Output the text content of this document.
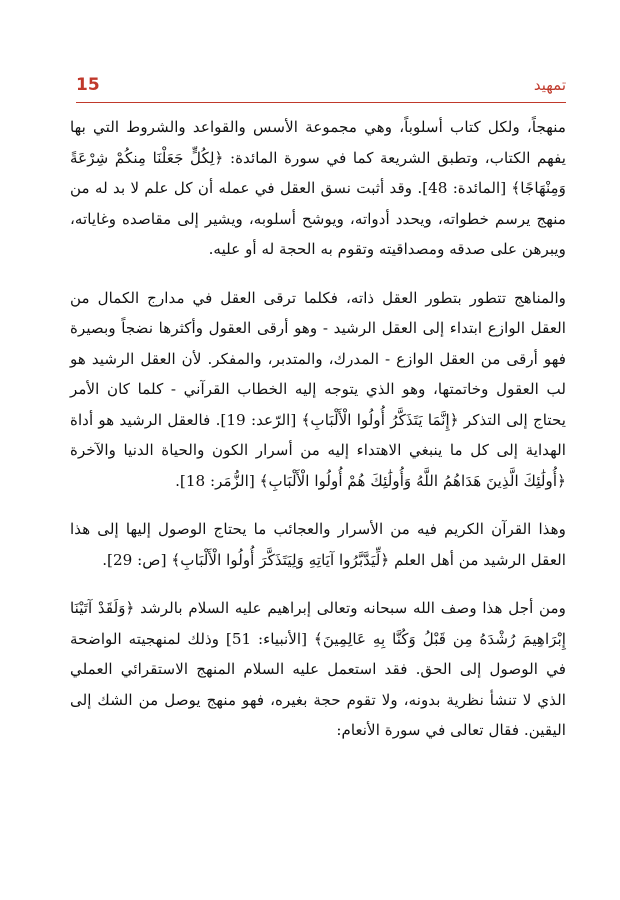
تمهيد
15

منهجاً، ولكل كتاب أسلوباً، وهي مجموعة الأسس والقواعد والشروط التي بها يفهم الكتاب، وتطبق الشريعة كما في سورة المائدة: ﴿لِكُلٍّ جَعَلْنَا مِنكُمْ شِرْعَةً وَمِنْهَاجًا﴾ [المائدة: 48]. وقد أثبت نسق العقل في عمله أن كل علم لا بد له من منهج يرسم خطواته، ويحدد أدواته، ويوشح أسلوبه، ويشير إلى مقاصده وغاياته، ويبرهن على صدقه ومصداقيته وتقوم به الحجة له أو عليه.

والمناهج تتطور بتطور العقل ذاته، فكلما ترقى العقل في مدارج الكمال من العقل الوازع ابتداء إلى العقل الرشيد - وهو أرقى العقول وأكثرها نضجاً وبصيرة فهو أرقى من العقل الوازع - المدرك، والمتدبر، والمفكر. لأن العقل الرشيد هو لب العقول وخاتمتها، وهو الذي يتوجه إليه الخطاب القرآني - كلما كان الأمر يحتاج إلى التذكر ﴿إِنَّمَا يَتَذَكَّرُ أُولُوا الْأَلْبَابِ﴾ [الرّعد: 19]. فالعقل الرشيد هو أداة الهداية إلى كل ما ينبغي الاهتداء إليه من أسرار الكون والحياة الدنيا والآخرة ﴿أُولَٰئِكَ الَّذِينَ هَدَاهُمُ اللَّهُ وَأُولَٰئِكَ هُمْ أُولُوا الْأَلْبَابِ﴾ [الزُّمَر: 18].

وهذا القرآن الكريم فيه من الأسرار والعجائب ما يحتاج الوصول إليها إلى هذا العقل الرشيد من أهل العلم ﴿لِّيَدَّبَّرُوا آيَاتِهِ وَلِيَتَذَكَّرَ أُولُوا الْأَلْبَابِ﴾ [ص: 29].

ومن أجل هذا وصف الله سبحانه وتعالى إبراهيم عليه السلام بالرشد ﴿وَلَقَدْ آتَيْنَا إِبْرَاهِيمَ رُشْدَهُ مِن قَبْلُ وَكُنَّا بِهِ عَالِمِينَ﴾ [الأنبياء: 51] وذلك لمنهجيته الواضحة في الوصول إلى الحق. فقد استعمل عليه السلام المنهج الاستقرائي العملي الذي لا تنشأ نظرية بدونه، ولا تقوم حجة بغيره، فهو منهج يوصل من الشك إلى اليقين. فقال تعالى في سورة الأنعام:
